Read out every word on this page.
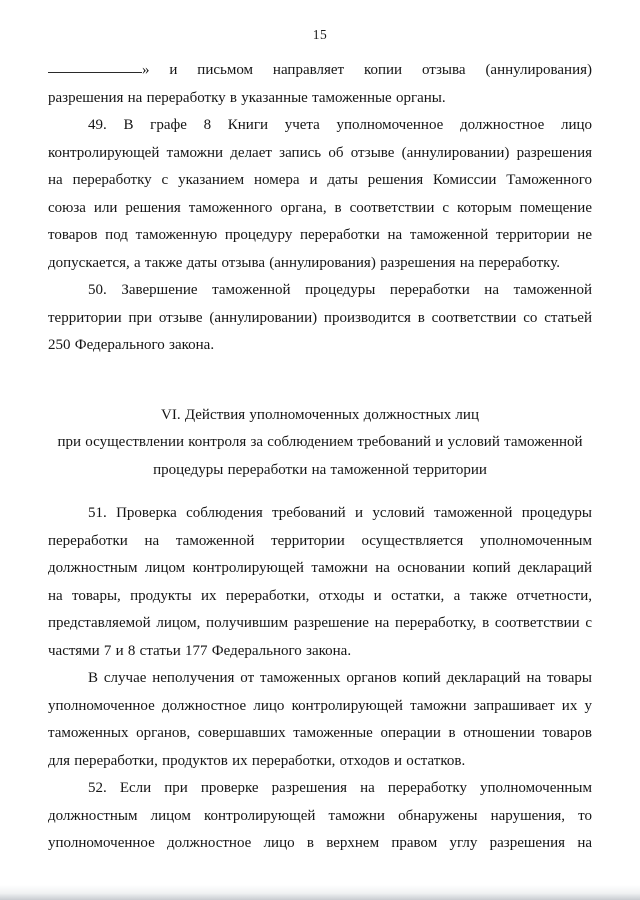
15
» и письмом направляет копии отзыва (аннулирования)
разрешения на переработку в указанные таможенные органы.
49. В графе 8 Книги учета уполномоченное должностное лицо
контролирующей таможни делает запись об отзыве (аннулировании) разрешения
на переработку с указанием номера и даты решения Комиссии Таможенного
союза или решения таможенного органа, в соответствии с которым помещение
товаров под таможенную процедуру переработки на таможенной территории не
допускается, а также даты отзыва (аннулирования) разрешения на переработку.
50. Завершение таможенной процедуры переработки на таможенной
территории при отзыве (аннулировании) производится в соответствии со статьей
250 Федерального закона.
VI. Действия уполномоченных должностных лиц
при осуществлении контроля за соблюдением требований и условий таможенной
процедуры переработки на таможенной территории
51. Проверка соблюдения требований и условий таможенной процедуры
переработки на таможенной территории осуществляется уполномоченным
должностным лицом контролирующей таможни на основании копий деклараций
на товары, продукты их переработки, отходы и остатки, а также отчетности,
представляемой лицом, получившим разрешение на переработку, в соответствии с
частями 7 и 8 статьи 177 Федерального закона.
В случае неполучения от таможенных органов копий деклараций на товары
уполномоченное должностное лицо контролирующей таможни запрашивает их у
таможенных органов, совершавших таможенные операции в отношении товаров
для переработки, продуктов их переработки, отходов и остатков.
52. Если при проверке разрешения на переработку уполномоченным
должностным лицом контролирующей таможни обнаружены нарушения, то
уполномоченное должностное лицо в верхнем правом углу разрешения на
